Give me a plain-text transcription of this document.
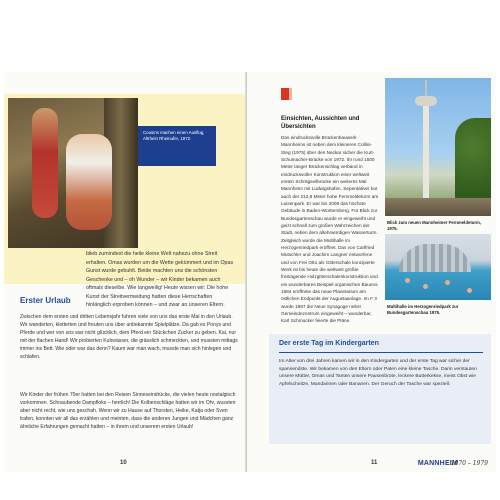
Cousins machen einen Ausflug, Altrhein Rheinufer, 1972.
blieb zumindest die heile kleine Welt nahezu ohne Streit erhalten. Omas wurden um die Wette gekümmert und im Opas Gunst wurde gebuhlt. Beide machten uns die schönsten Geschenke und – oh Wunder – wir Kinder bekamen auch oftmals dieselbe. Wie langweilig! Heute wissen wir: Die hohe Kunst der Streitvermeidung hatten diese Herrschaften hinlänglich erproben können – und zwar an unseren Eltern.
Erster Urlaub
Zwischen dem ersten und dritten Lebensjahr fuhren viele von uns das erste Mal in den Urlaub. Wir wanderten, kletterten und freuten uns über unbekannte Spielplätze. Da gab es Ponys und Pferde und wer von uns war nicht glücklich, dem Pferd ein Stückchen Zucker zu geben. Kai, nur mit der flachen Hand! Wir probierten Kuhwässer, die grässlich schmeckten, und mussten mittags immer ins Bett. Wie oder war das denn? Kaum war man wach, musste man sich hinlegen und schlafen.
Wir Kinder der frühen 70er hatten bei den Reisen Sinneseindrücke, die vielen heute nostalgisch vorkommen. Schnaubende Dampfloks – herrlich! Die Kolbenschläge hatten wir im Ohr, wussten aber nicht recht, wie uns geschah. Wenn wir zu Hause auf Thorsten, Heike, Katja oder Sven trafen, konnten wir all das erzählen und meinten, dass die anderen Jungen und Mädchen ganz ähnliche Erfahrungen gemacht hatten – in ihrem und unserem ersten Urlaub!
10
Einsichten, Aussichten und Übersichten
Das eindrucksvolle Brückenbauwerk Mannheims ist neben dem kleineren Collini-Steg (1975) über den Neckar sicher die Kurt-Schumacher-Brücke von 1972. Ihr rund 1500 Meter langer Brückenschlag verband in eindrucksvoller Konstruktion einer weltweit ersten Schrägseilbrücke ein weiteres Mal Mannheim mit Ludwigshafen. Sepentativer bot auch der 212,8 Meter hohe Fernmeldeturm am Luisenpark. Er war bis 2008 das höchste Gebäude in Baden-Württemberg. Für Blick zur Bundesgartenschau wurde er eingeweiht und geizt schnell zum großen Wahrzeichen der Stadt, neben dem altehrwürdigen Wasserturm. Zeitgleich wurde die Multihalle im Herzogenriedpark eröffnet. Das von Carlfried Mutschler und Joachim Langner entworfene und von Frei Otto als Gitterschale konzipierte Werk ist bis heute die weltweit größte freitragende Holzgitterschalenkonstruktion und ein wunderbares Beispiel organischen Bauens. 1984 eröffnete das neue Planetarium am östlichen Endpunkt der Augustaanlage. Im F 3 wurde 1987 die Neue Synagoge nebst Gemeindezentrum eingeweiht – wunderbar, Karl Schmucker feierte die Pläne.
Blick zum neuen Mannheimer Fernmeldeturm, 1975.
Multihalle im Herzogenriedpark zur Bundesgartenschau 1975.
Der erste Tag im Kindergarten
Im Alter von drei Jahren kamen wir in den Kindergarten und der erste Tag war sicher der spannendste. Wir bekamen von den Eltern oder Paten eine kleine Tasche. Darin verstauten unsere Mütter, Omas und Tanten unsere Pausenbrote, leckere Butterkekse, meist Obst wie Apfelschnitze, Mandarinen oder Bananen. Der Geruch der Tasche war speziell.
11	MANNHEIM
1970 – 1979
